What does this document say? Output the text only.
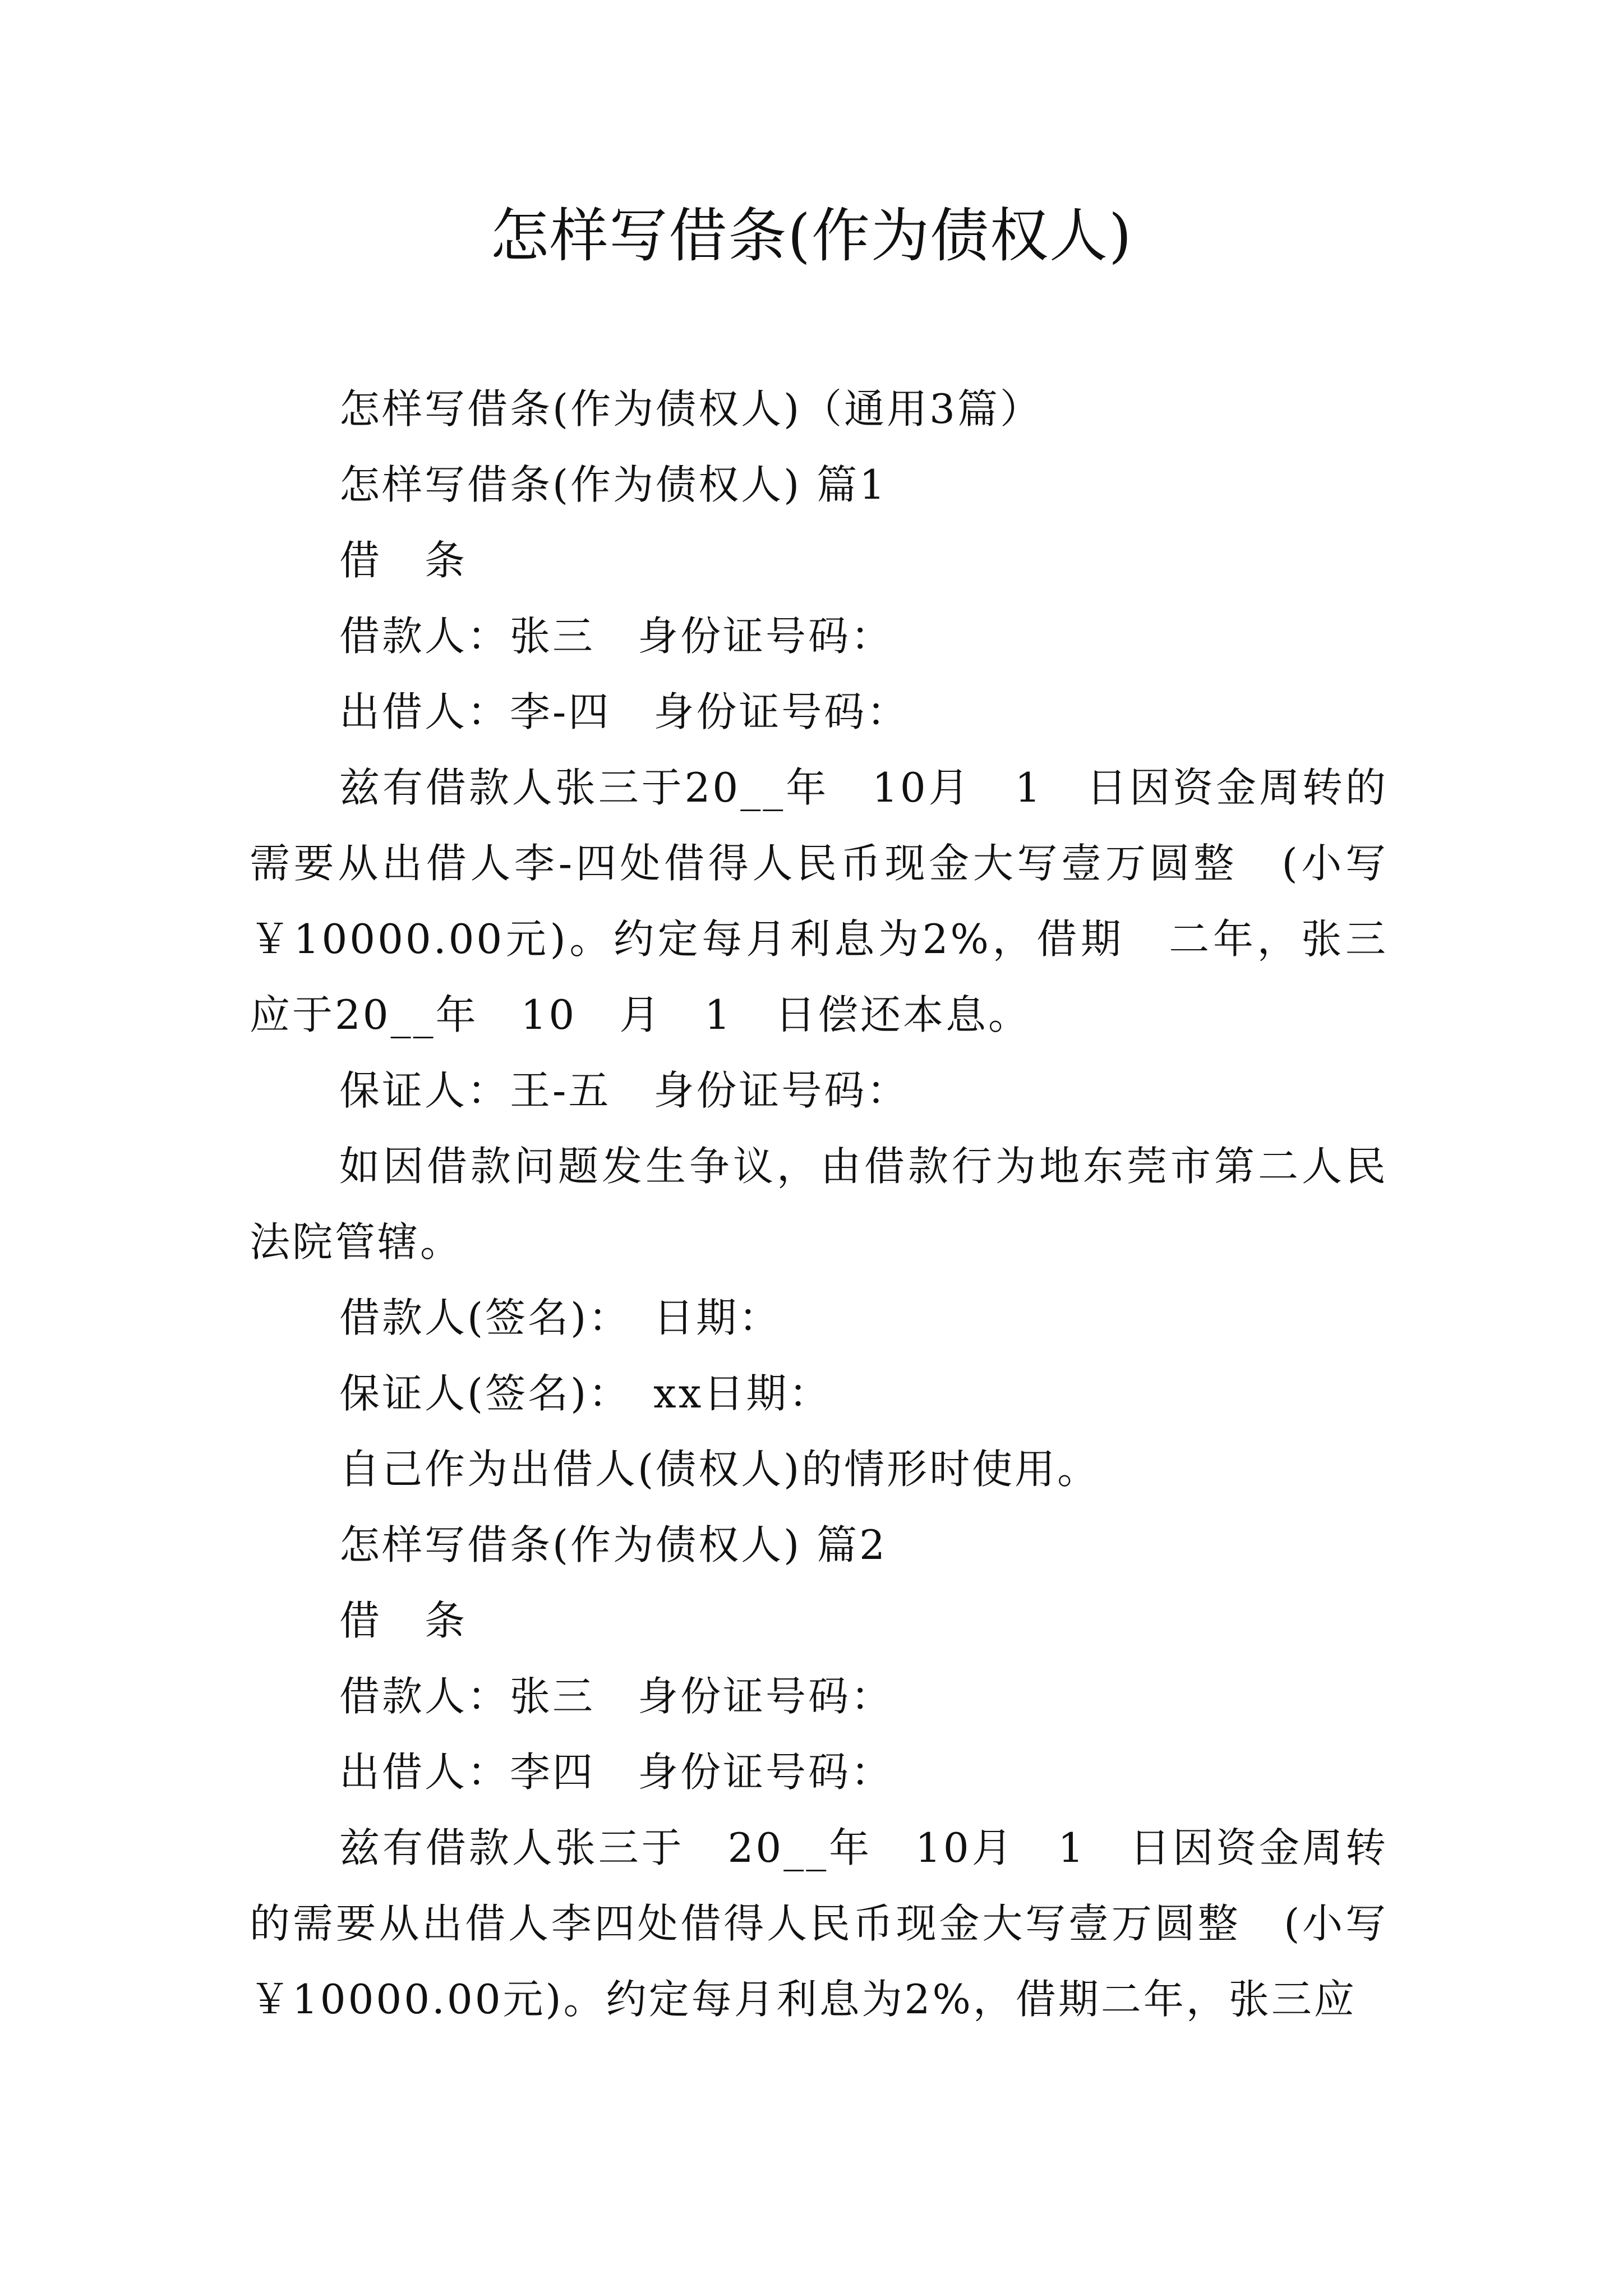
怎样写借条(作为债权人)

怎样写借条(作为债权人)（通用3篇）

怎样写借条(作为债权人) 篇1

借　条

借款人：张三　身份证号码：

出借人：李-四　身份证号码：

兹有借款人张三于20__年　10月　1　日因资金周转的需要从出借人李-四处借得人民币现金大写壹万圆整　(小写￥10000.00元)。约定每月利息为2%，借期　二年，张三应于20__年　10　月　1　日偿还本息。

保证人：王-五　身份证号码：

如因借款问题发生争议，由借款行为地东莞市第二人民法院管辖。

借款人(签名)：　日期：

保证人(签名)：　xx日期：

自己作为出借人(债权人)的情形时使用。

怎样写借条(作为债权人) 篇2

借　条

借款人：张三　身份证号码：

出借人：李四　身份证号码：

兹有借款人张三于　20__年　10月　1　日因资金周转的需要从出借人李四处借得人民币现金大写壹万圆整　(小写￥10000.00元)。约定每月利息为2%，借期二年，张三应
